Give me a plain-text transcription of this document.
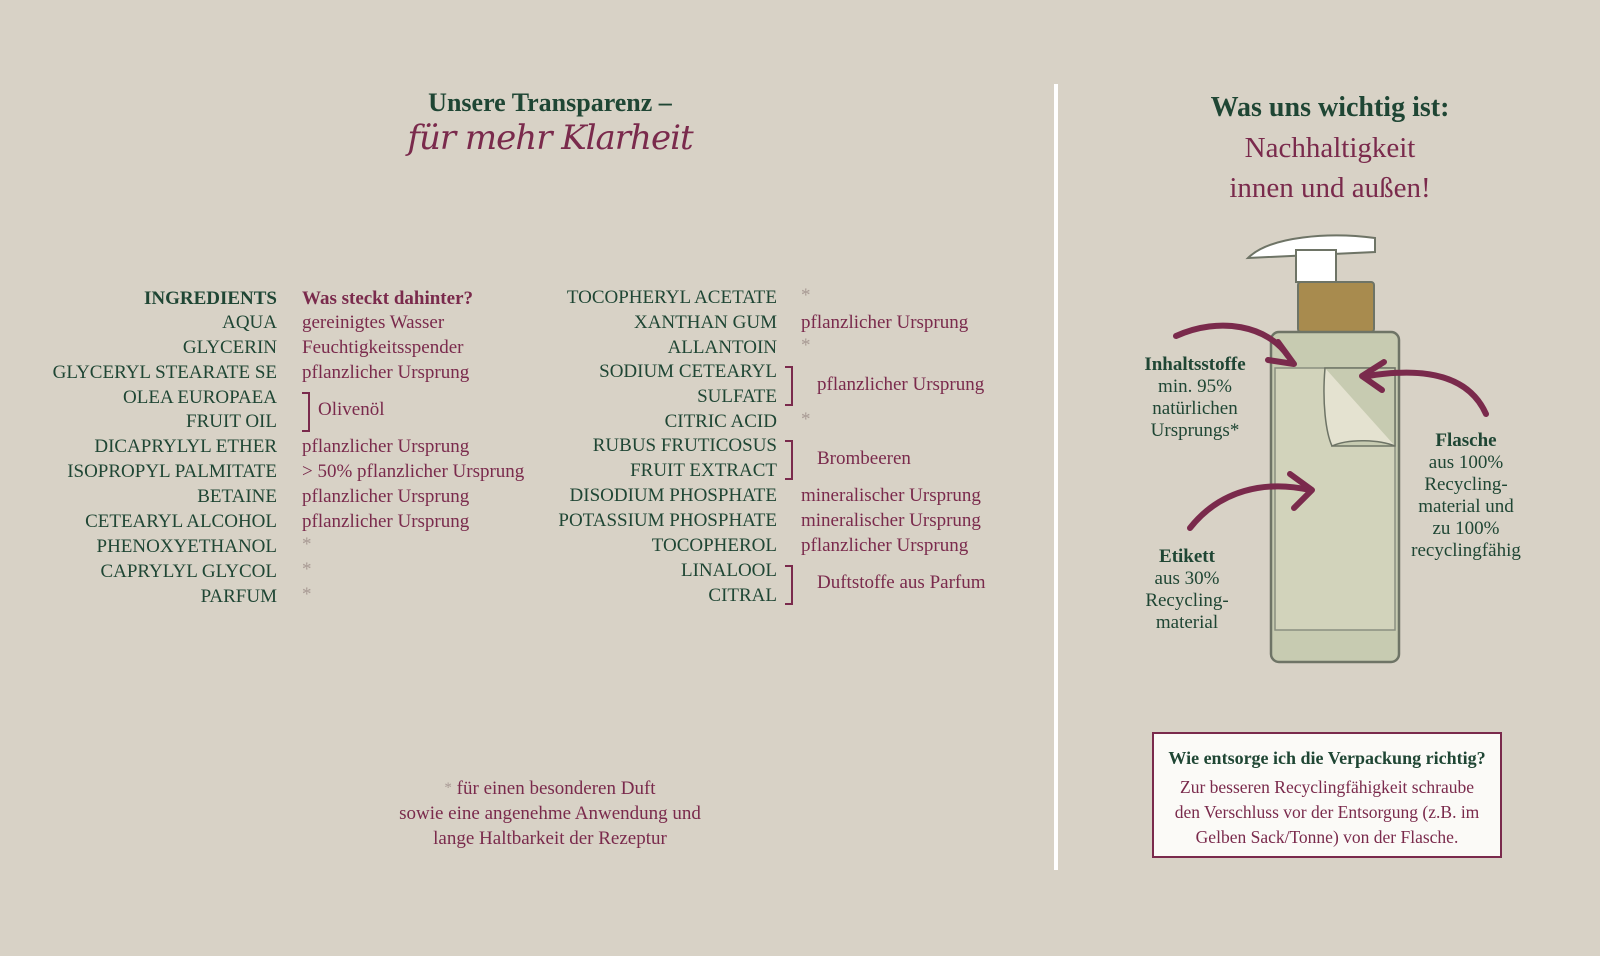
Unsere Transparenz –
für mehr Klarheit
INGREDIENTS Was steckt dahinter?
AQUA gereinigtes Wasser
GLYCERIN Feuchtigkeitsspender
GLYCERYL STEARATE SE pflanzlicher Ursprung
OLEA EUROPAEA
FRUIT OIL
Olivenöl
DICAPRYLYL ETHER pflanzlicher Ursprung
ISOPROPYL PALMITATE > 50% pflanzlicher Ursprung
BETAINE pflanzlicher Ursprung
CETEARYL ALCOHOL pflanzlicher Ursprung
PHENOXYETHANOL *
CAPRYLYL GLYCOL *
PARFUM *
TOCOPHERYL ACETATE *
XANTHAN GUM pflanzlicher Ursprung
ALLANTOIN *
SODIUM CETEARYL
SULFATE
pflanzlicher Ursprung
CITRIC ACID *
RUBUS FRUTICOSUS
FRUIT EXTRACT
Brombeeren
DISODIUM PHOSPHATE mineralischer Ursprung
POTASSIUM PHOSPHATE mineralischer Ursprung
TOCOPHEROL pflanzlicher Ursprung
LINALOOL
CITRAL
Duftstoffe aus Parfum
* für einen besonderen Duft
sowie eine angenehme Anwendung und
lange Haltbarkeit der Rezeptur
Was uns wichtig ist:
Nachhaltigkeit
innen und außen!
Inhaltsstoffe
min. 95%
natürlichen
Ursprungs*	Flasche
aus 100%
Recycling-
material und
zu 100%
recyclingfähig
Etikett
aus 30%
Recycling-
material
Wie entsorge ich die Verpackung richtig?
Zur besseren Recyclingfähigkeit schraube
den Verschluss vor der Entsorgung (z.B. im
Gelben Sack/Tonne) von der Flasche.
